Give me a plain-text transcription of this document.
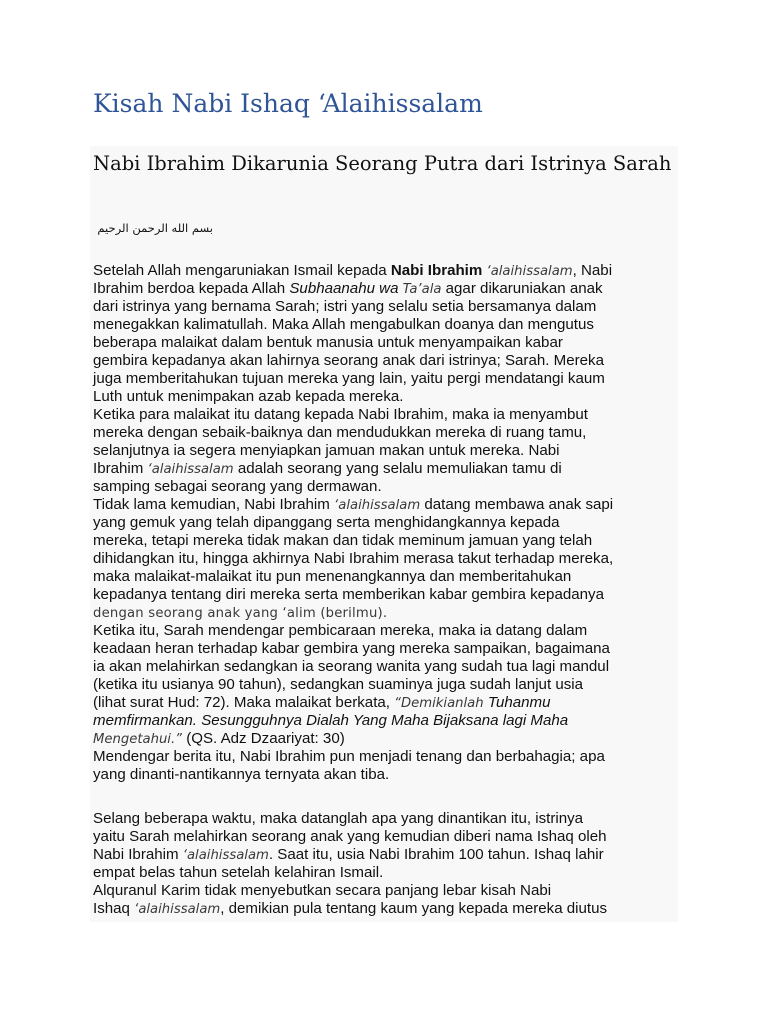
Kisah Nabi Ishaq ‘Alaihissalam
Nabi Ibrahim Dikarunia Seorang Putra dari Istrinya Sarah
بسم الله الرحمن الرحيم
Setelah Allah mengaruniakan Ismail kepada Nabi Ibrahim ‘alaihissalam, Nabi
Ibrahim berdoa kepada Allah Subhaanahu wa Ta’ala agar dikaruniakan anak
dari istrinya yang bernama Sarah; istri yang selalu setia bersamanya dalam
menegakkan kalimatullah. Maka Allah mengabulkan doanya dan mengutus
beberapa malaikat dalam bentuk manusia untuk menyampaikan kabar
gembira kepadanya akan lahirnya seorang anak dari istrinya; Sarah. Mereka
juga memberitahukan tujuan mereka yang lain, yaitu pergi mendatangi kaum
Luth untuk menimpakan azab kepada mereka.
Ketika para malaikat itu datang kepada Nabi Ibrahim, maka ia menyambut
mereka dengan sebaik-baiknya dan mendudukkan mereka di ruang tamu,
selanjutnya ia segera menyiapkan jamuan makan untuk mereka. Nabi
Ibrahim ‘alaihissalam adalah seorang yang selalu memuliakan tamu di
samping sebagai seorang yang dermawan.
Tidak lama kemudian, Nabi Ibrahim ‘alaihissalam datang membawa anak sapi
yang gemuk yang telah dipanggang serta menghidangkannya kepada
mereka, tetapi mereka tidak makan dan tidak meminum jamuan yang telah
dihidangkan itu, hingga akhirnya Nabi Ibrahim merasa takut terhadap mereka,
maka malaikat-malaikat itu pun menenangkannya dan memberitahukan
kepadanya tentang diri mereka serta memberikan kabar gembira kepadanya
dengan seorang anak yang ‘alim (berilmu).
Ketika itu, Sarah mendengar pembicaraan mereka, maka ia datang dalam
keadaan heran terhadap kabar gembira yang mereka sampaikan, bagaimana
ia akan melahirkan sedangkan ia seorang wanita yang sudah tua lagi mandul
(ketika itu usianya 90 tahun), sedangkan suaminya juga sudah lanjut usia
(lihat surat Hud: 72). Maka malaikat berkata, “Demikianlah Tuhanmu
memfirmankan. Sesungguhnya Dialah Yang Maha Bijaksana lagi Maha
Mengetahui.” (QS. Adz Dzaariyat: 30)
Mendengar berita itu, Nabi Ibrahim pun menjadi tenang dan berbahagia; apa
yang dinanti-nantikannya ternyata akan tiba.
Selang beberapa waktu, maka datanglah apa yang dinantikan itu, istrinya
yaitu Sarah melahirkan seorang anak yang kemudian diberi nama Ishaq oleh
Nabi Ibrahim ‘alaihissalam. Saat itu, usia Nabi Ibrahim 100 tahun. Ishaq lahir
empat belas tahun setelah kelahiran Ismail.
Alquranul Karim tidak menyebutkan secara panjang lebar kisah Nabi
Ishaq ‘alaihissalam, demikian pula tentang kaum yang kepada mereka diutus
